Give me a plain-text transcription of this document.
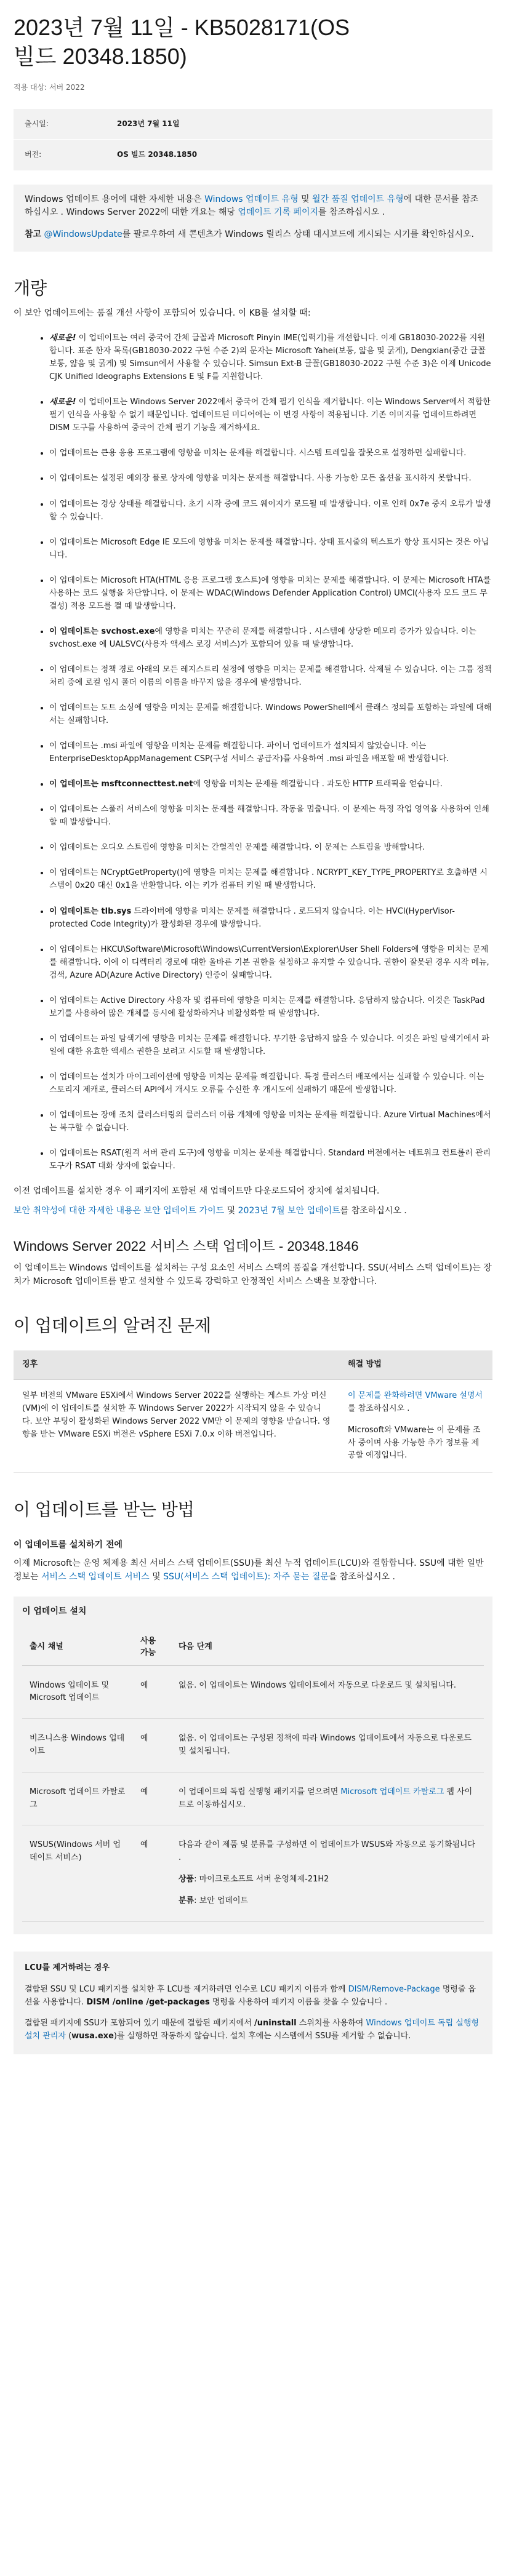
2023년 7월 11일 - KB5028171(OS 빌드 20348.1850)
적용 대상: 서버 2022
출시일:	2023년 7월 11일
버전:	OS 빌드 20348.1850

Windows 업데이트 용어에 대한 자세한 내용은 Windows 업데이트 유형 및 월간 품질 업데이트 유형에 대한 문서를 참조하십시오 . Windows Server 2022에 대한 개요는 해당 업데이트 기록 페이지를 참조하십시오 .

참고 @WindowsUpdate를 팔로우하여 새 콘텐츠가 Windows 릴리스 상태 대시보드에 게시되는 시기를 확인하십시오.

개량

이 보안 업데이트에는 품질 개선 사항이 포함되어 있습니다. 이 KB를 설치할 때:

• 새로운! 이 업데이트는 여러 중국어 간체 글꼴과 Microsoft Pinyin IME(입력기)를 개선합니다. 이제 GB18030-2022를 지원합니다. 표준 한자 목록(GB18030-2022 구현 수준 2)의 문자는 Microsoft Yahei(보통, 얇음 및 굵게), Dengxian(중간 글꼴 보통, 얇음 및 굵게) 및 Simsun에서 사용할 수 있습니다. Simsun Ext-B 글꼴(GB18030-2022 구현 수준 3)은 이제 Unicode CJK Unified Ideographs Extensions E 및 F를 지원합니다.
• 새로운! 이 업데이트는 Windows Server 2022에서 중국어 간체 필기 인식을 제거합니다. 이는 Windows Server에서 적합한 필기 인식을 사용할 수 없기 때문입니다. 업데이트된 미디어에는 이 변경 사항이 적용됩니다. 기존 이미지를 업데이트하려면 DISM 도구를 사용하여 중국어 간체 필기 기능을 제거하세요.
• 이 업데이트는 큰용 응용 프로그램에 영향을 미치는 문제를 해결합니다. 시스템 트레일을 잘못으로 설정하면 실패합니다.
• 이 업데이트는 설정된 예외장 플로 상자에 영향을 미치는 문제를 해결합니다. 사용 가능한 모든 옵션을 표시하지 못합니다.
• 이 업데이트는 경상 상태를 해결합니다. 초기 시작 중에 코드 웨이지가 로드될 때 발생합니다. 이로 인해 0x7e 중지 오류가 발생할 수 있습니다.
• 이 업데이트는 Microsoft Edge IE 모드에 영향을 미치는 문제를 해결합니다. 상태 표시줄의 텍스트가 항상 표시되는 것은 아닙니다.
• 이 업데이트는 Microsoft HTA(HTML 응용 프로그램 호스트)에 영향을 미치는 문제를 해결합니다. 이 문제는 Microsoft HTA를 사용하는 코드 실행을 차단합니다. 이 문제는 WDAC(Windows Defender Application Control) UMCI(사용자 모드 코드 무결성) 적용 모드를 켤 때 발생합니다.
• 이 업데이트는 svchost.exe에 영향을 미치는 꾸준히 문제를 해결합니다 . 시스템에 상당한 메모리 증가가 있습니다. 이는 svchost.exe 에 UALSVC(사용자 액세스 로깅 서비스)가 포함되어 있을 때 발생합니다.
• 이 업데이트는 정책 경로 아래의 모든 레지스트리 설정에 영향을 미치는 문제를 해결합니다. 삭제될 수 있습니다. 이는 그룹 정책 처리 중에 로컬 임시 폴더 이름의 이름을 바꾸지 않을 경우에 발생합니다.
• 이 업데이트는 도트 소싱에 영향을 미치는 문제를 해결합니다. Windows PowerShell에서 클래스 정의를 포함하는 파일에 대해서는 실패합니다.
• 이 업데이트는 .msi 파일에 영향을 미치는 문제를 해결합니다. 파이너 업데이트가 설치되지 않았습니다. 이는 EnterpriseDesktopAppManagement CSP(구성 서비스 공급자)를 사용하여 .msi 파일을 배포할 때 발생합니다.
• 이 업데이트는 msftconnecttest.net에 영향을 미치는 문제를 해결합니다 . 과도한 HTTP 트래픽을 얻습니다.
• 이 업데이트는 스풀러 서비스에 영향을 미치는 문제를 해결합니다. 작동을 멈춥니다. 이 문제는 특정 작업 영역을 사용하여 인쇄할 때 발생합니다.
• 이 업데이트는 오디오 스트림에 영향을 미치는 간헐적인 문제를 해결합니다. 이 문제는 스트림을 방해합니다.
• 이 업데이트는 NCryptGetProperty()에 영향을 미치는 문제를 해결합니다 . NCRYPT_KEY_TYPE_PROPERTY로 호출하면 시스템이 0x20 대신 0x1을 반환합니다. 이는 키가 컴퓨터 키일 때 발생합니다.
• 이 업데이트는 tlb.sys 드라이버에 영향을 미치는 문제를 해결합니다 . 로드되지 않습니다. 이는 HVCI(HyperVisor-protected Code Integrity)가 활성화된 경우에 발생합니다.
• 이 업데이트는 HKCU\Software\Microsoft\Windows\CurrentVersion\Explorer\User Shell Folders에 영향을 미치는 문제를 해결합니다. 이에 이 디렉터리 경로에 대한 올바른 기본 권한을 설정하고 유지할 수 있습니다. 권한이 잘못된 경우 시작 메뉴, 검색, Azure AD(Azure Active Directory) 인증이 실패합니다.
• 이 업데이트는 Active Directory 사용자 및 컴퓨터에 영향을 미치는 문제를 해결합니다. 응답하지 않습니다. 이것은 TaskPad 보기를 사용하여 많은 개체를 동시에 활성화하거나 비활성화할 때 발생합니다.
• 이 업데이트는 파일 탐색기에 영향을 미치는 문제를 해결합니다. 무기한 응답하지 않을 수 있습니다. 이것은 파일 탐색기에서 파일에 대한 유효한 액세스 권한을 보려고 시도할 때 발생합니다.
• 이 업데이트는 설치가 마이그레이션에 영향을 미치는 문제를 해결합니다. 특정 클러스터 배포에서는 실패할 수 있습니다. 이는 스토리지 제캐로, 클러스터 API에서 개시도 오류를 수신한 후 개시도에 실패하기 때문에 발생합니다.
• 이 업데이트는 장애 조치 클러스터링의 클러스터 이름 개체에 영향을 미치는 문제를 해결합니다. Azure Virtual Machines에서는 복구할 수 없습니다.
• 이 업데이트는 RSAT(원격 서버 관리 도구)에 영향을 미치는 문제를 해결합니다. Standard 버전에서는 네트워크 컨트롤러 관리 도구가 RSAT 대화 상자에 없습니다.

이전 업데이트를 설치한 경우 이 패키지에 포함된 새 업데이트만 다운로드되어 장치에 설치됩니다.

보안 취약성에 대한 자세한 내용은 보안 업데이트 가이드 및 2023년 7월 보안 업데이트를 참조하십시오 .

Windows Server 2022 서비스 스택 업데이트 - 20348.1846

이 업데이트는 Windows 업데이트를 설치하는 구성 요소인 서비스 스택의 품질을 개선합니다. SSU(서비스 스택 업데이트)는 장치가 Microsoft 업데이트를 받고 설치할 수 있도록 강력하고 안정적인 서비스 스택을 보장합니다.

이 업데이트의 알려진 문제
징후	해결 방법
일부 버전의 VMware ESXi에서 Windows Server 2022를 실행하는 게스트 가상 머신(VM)에 이 업데이트를 설치한 후 Windows Server 2022가 시작되지 않을 수 있습니다. 보안 부팅이 활성화된 Windows Server 2022 VM만 이 문제의 영향을 받습니다. 영향을 받는 VMware ESXi 버전은 vSphere ESXi 7.0.x 이하 버전입니다.	이 문제를 완화하려면 VMware 설명서를 참조하십시오 .
Microsoft와 VMware는 이 문제를 조사 중이며 사용 가능한 추가 정보를 제공할 예정입니다.
이 업데이트를 받는 방법
이 업데이트를 설치하기 전에

이제 Microsoft는 운영 체제용 최신 서비스 스택 업데이트(SSU)를 최신 누적 업데이트(LCU)와 결합합니다. SSU에 대한 일반 정보는 서비스 스택 업데이트 서비스 및 SSU(서비스 스택 업데이트): 자주 묻는 질문을 참조하십시오 .

이 업데이트 설치
출시 채널	사용 가능	다음 단계
Windows 업데이트 및 Microsoft 업데이트	예	없음. 이 업데이트는 Windows 업데이트에서 자동으로 다운로드 및 설치됩니다.
비즈니스용 Windows 업데이트	예	없음. 이 업데이트는 구성된 정책에 따라 Windows 업데이트에서 자동으로 다운로드 및 설치됩니다.
Microsoft 업데이트 카탈로그	예	이 업데이트의 독립 실행형 패키지를 얻으려면 Microsoft 업데이트 카탈로그 웹 사이트로 이동하십시오.
WSUS(Windows 서버 업데이트 서비스)	예	다음과 같이 제품 및 분류를 구성하면 이 업데이트가 WSUS와 자동으로 동기화됩니다 .
상품: 마이크로소프트 서버 운영체제-21H2
분류: 보안 업데이트
LCU를 제거하려는 경우

결합된 SSU 및 LCU 패키지를 설치한 후 LCU를 제거하려면 인수로 LCU 패키지 이름과 함께 DISM/Remove-Package 명령줄 옵션을 사용합니다. DISM /online /get-packages 명령을 사용하여 패키지 이름을 찾을 수 있습니다 .

결합된 패키지에 SSU가 포함되어 있기 때문에 결합된 패키지에서 /uninstall 스위치를 사용하여 Windows 업데이트 독립 실행형 설치 관리자 (wusa.exe)를 실행하면 작동하지 않습니다. 설치 후에는 시스템에서 SSU를 제거할 수 없습니다.
